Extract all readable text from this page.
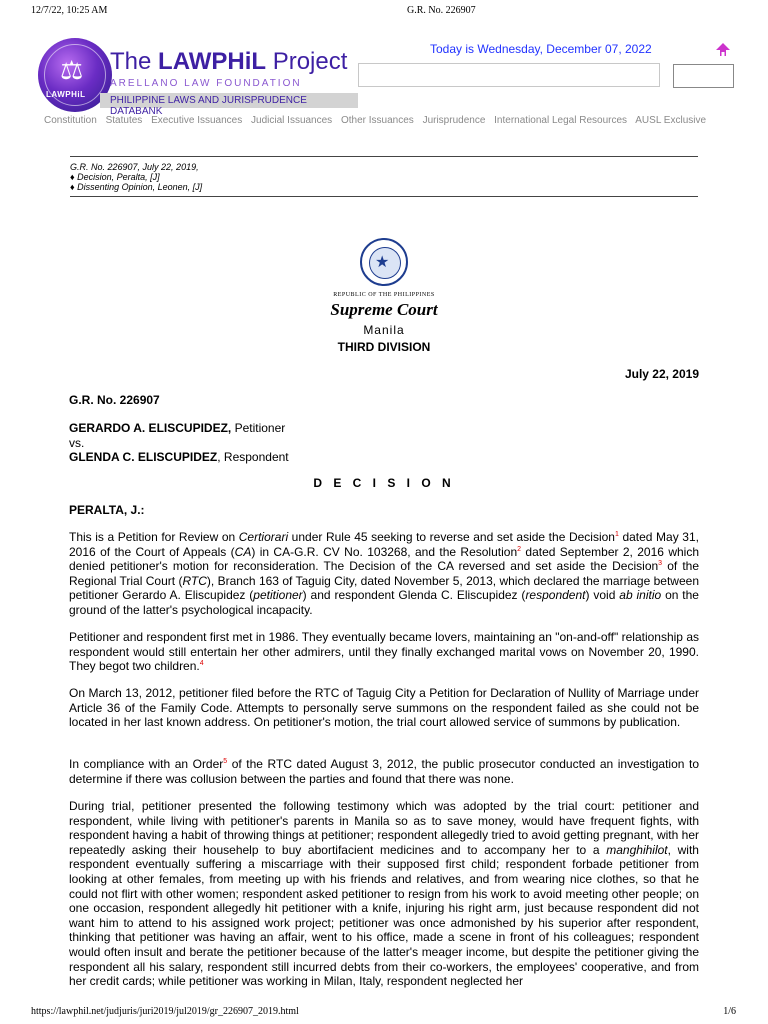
12/7/22, 10:25 AM	G.R. No. 226907
https://lawphil.net/judjuris/juri2019/jul2019/gr_226907_2019.html	1/6
⚖
LAWPHiL
The LAWPHiL Project
ARELLANO LAW FOUNDATION
PHILIPPINE LAWS AND JURISPRUDENCE DATABANK
Today is Wednesday, December 07, 2022
Constitution Statutes Executive Issuances Judicial Issuances Other Issuances Jurisprudence International Legal Resources AUSL Exclusive
G.R. No. 226907, July 22, 2019,
♦ Decision, Peralta, [J]
♦ Dissenting Opinion, Leonen, [J]
★
REPUBLIC OF THE PHILIPPINES
Supreme Court
Manila
THIRD DIVISION
July 22, 2019
G.R. No. 226907
GERARDO A. ELISCUPIDEZ, Petitioner
vs.
GLENDA C. ELISCUPIDEZ, Respondent
D E C I S I O N
PERALTA, J.:

This is a Petition for Review on Certiorari under Rule 45 seeking to reverse and set aside the Decision$^1$ dated May 31, 2016 of the Court of Appeals (CA) in CA-G.R. CV No. 103268, and the Resolution$^2$ dated September 2, 2016 which denied petitioner's motion for reconsideration. The Decision of the CA reversed and set aside the Decision$^3$ of the Regional Trial Court (RTC), Branch 163 of Taguig City, dated November 5, 2013, which declared the marriage between petitioner Gerardo A. Eliscupidez (petitioner) and respondent Glenda C. Eliscupidez (respondent) void ab initio on the ground of the latter's psychological incapacity.

Petitioner and respondent first met in 1986. They eventually became lovers, maintaining an "on-and-off" relationship as respondent would still entertain her other admirers, until they finally exchanged marital vows on November 20, 1990. They begot two children.$^4$

On March 13, 2012, petitioner filed before the RTC of Taguig City a Petition for Declaration of Nullity of Marriage under Article 36 of the Family Code. Attempts to personally serve summons on the respondent failed as she could not be located in her last known address. On petitioner's motion, the trial court allowed service of summons by publication.

In compliance with an Order$^5$ of the RTC dated August 3, 2012, the public prosecutor conducted an investigation to determine if there was collusion between the parties and found that there was none.

During trial, petitioner presented the following testimony which was adopted by the trial court: petitioner and respondent, while living with petitioner's parents in Manila so as to save money, would have frequent fights, with respondent having a habit of throwing things at petitioner; respondent allegedly tried to avoid getting pregnant, with her repeatedly asking their househelp to buy abortifacient medicines and to accompany her to a manghihilot, with respondent eventually suffering a miscarriage with their supposed first child; respondent forbade petitioner from looking at other females, from meeting up with his friends and relatives, and from wearing nice clothes, so that he could not flirt with other women; respondent asked petitioner to resign from his work to avoid meeting other people; on one occasion, respondent allegedly hit petitioner with a knife, injuring his right arm, just because respondent did not want him to attend to his assigned work project; petitioner was once admonished by his superior after respondent, thinking that petitioner was having an affair, went to his office, made a scene in front of his colleagues; respondent would often insult and berate the petitioner because of the latter's meager income, but despite the petitioner giving the respondent all his salary, respondent still incurred debts from their co-workers, the employees' cooperative, and from her credit cards; while petitioner was working in Milan, Italy, respondent neglected her
